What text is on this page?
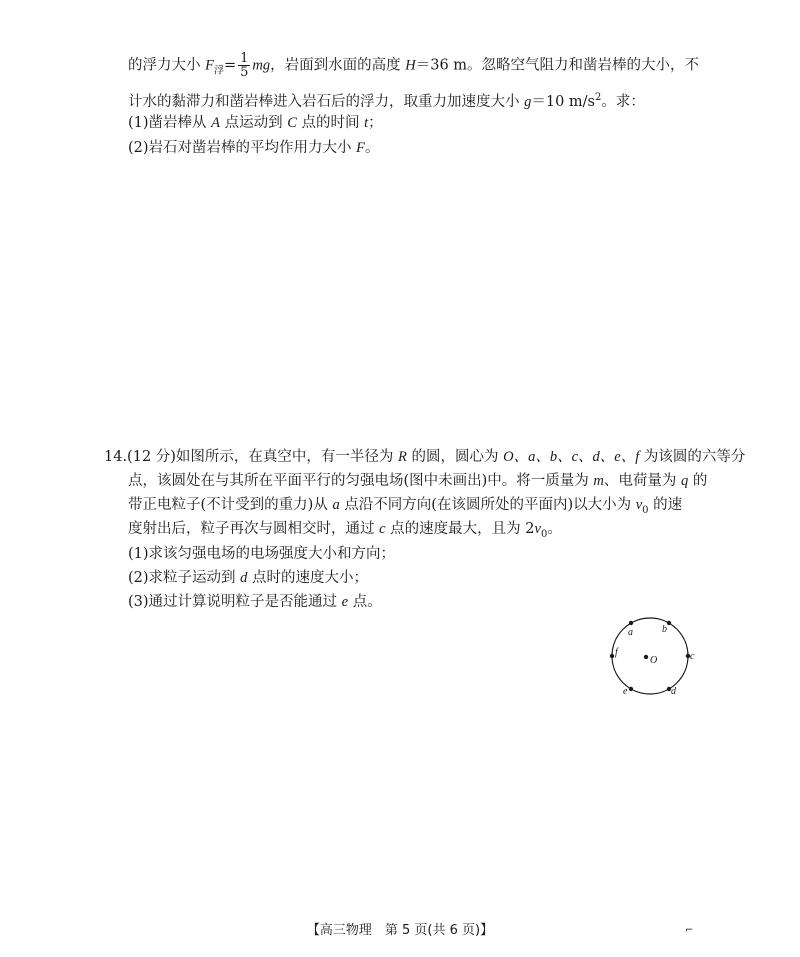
的浮力大小 $F_浮= \frac{1}{5}$ mg，岩面到水面的高度 H＝36 m。忽略空气阻力和凿岩棒的大小，不
计水的黏滞力和凿岩棒进入岩石后的浮力，取重力加速度大小 g＝10 $m/s^2$。求：
(1)凿岩棒从 A 点运动到 C 点的时间 t；
(2)岩石对凿岩棒的平均作用力大小 F。
14.(12 分)如图所示，在真空中，有一半径为 R 的圆，圆心为 O、a、b、c、d、e、f 为该圆的六等分
点，该圆处在与其所在平面平行的匀强电场(图中未画出)中。将一质量为 m、电荷量为 q 的
带正电粒子(不计受到的重力)从 a 点沿不同方向(在该圆所处的平面内)以大小为 $v_0$ 的速
度射出后，粒子再次与圆相交时，通过 c 点的速度最大，且为 $2v_0$。
(1)求该匀强电场的电场强度大小和方向；
(2)求粒子运动到 d 点时的速度大小；
(3)通过计算说明粒子是否能通过 e 点。
a	b
c
d
e
f
O
【高三物理　第 5 页(共 6 页)】	⌐
